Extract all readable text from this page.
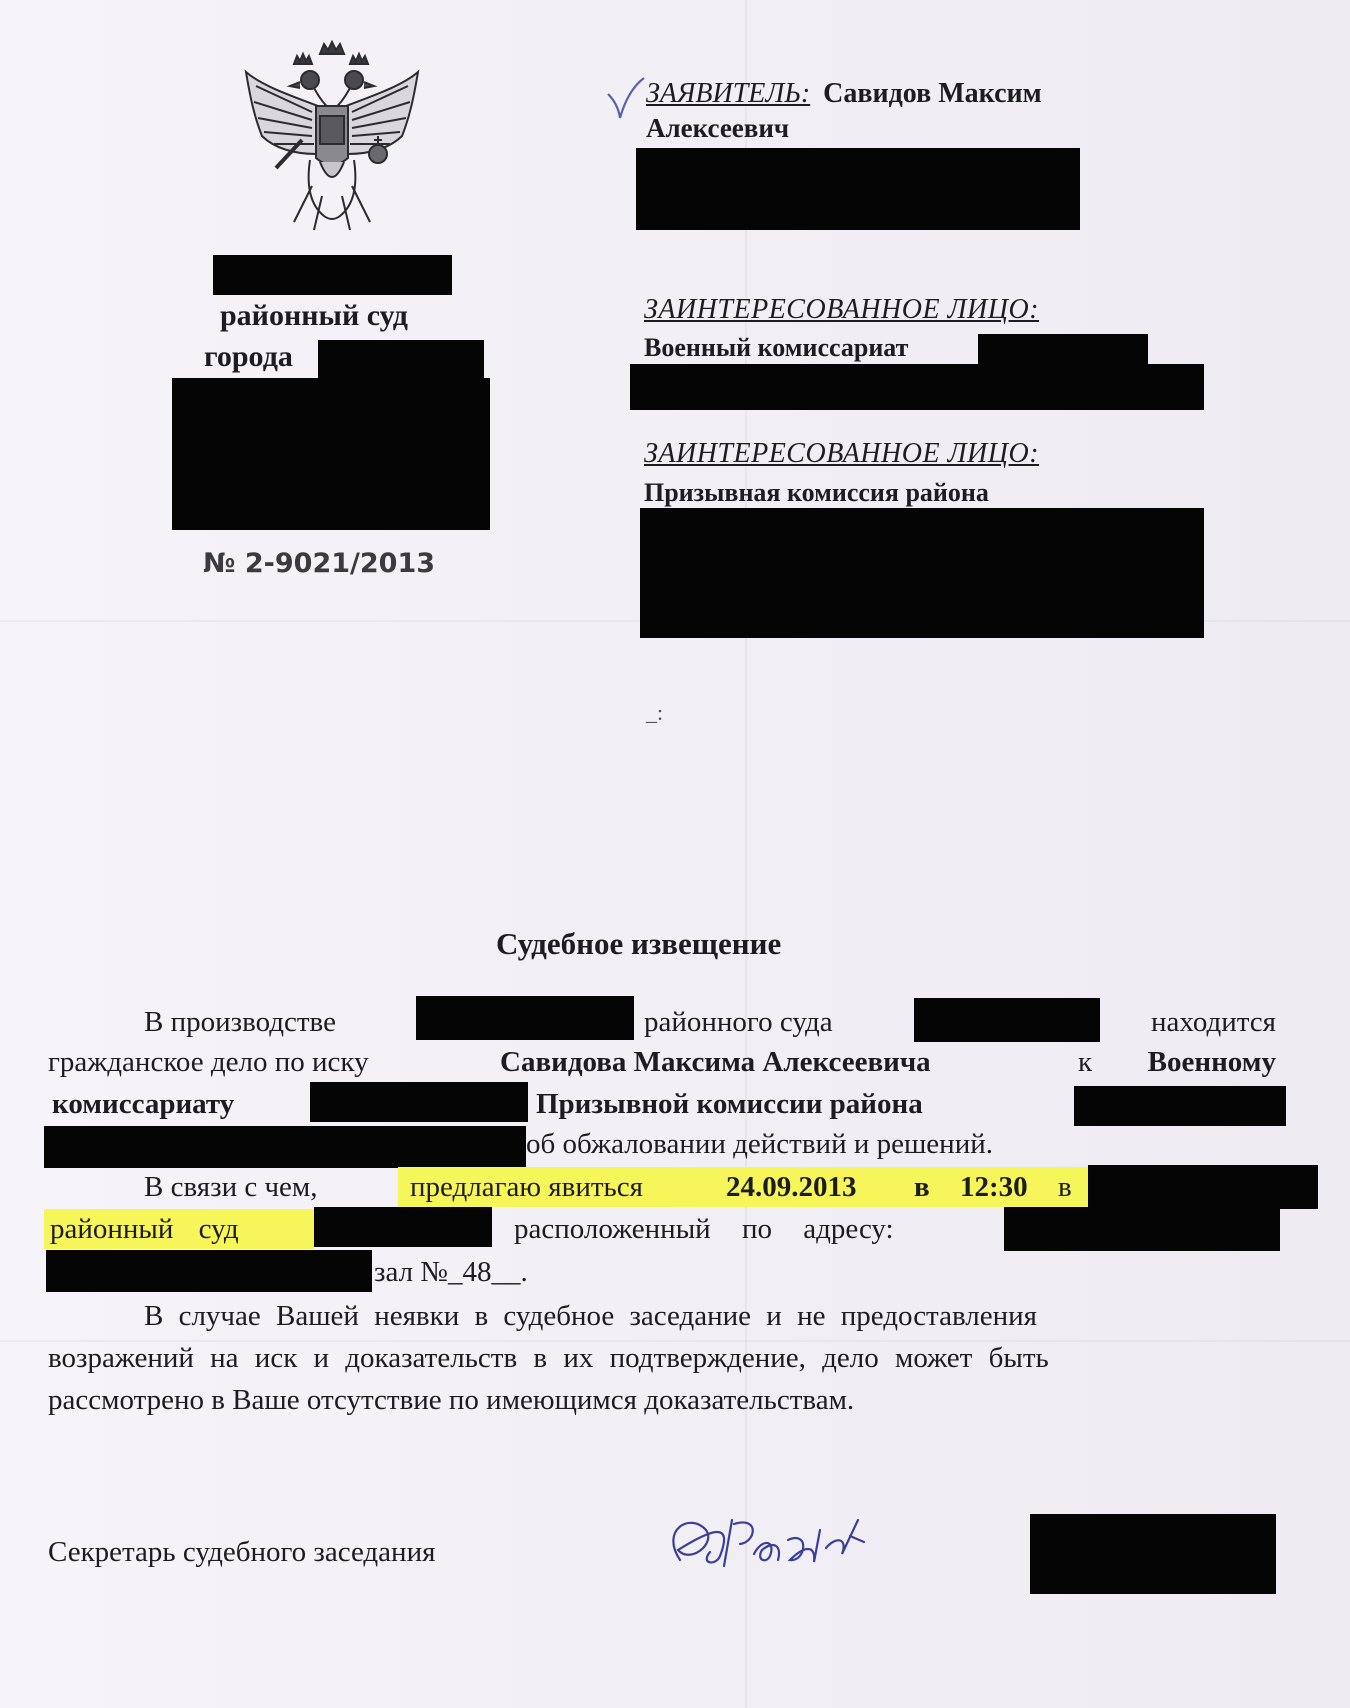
районный суд
города
№ 2-9021/2013
ЗАЯВИТЕЛЬ: Савидов Максим
Алексеевич
ЗАИНТЕРЕСОВАННОЕ ЛИЦО:
Военный комиссариат
ЗАИНТЕРЕСОВАННОЕ ЛИЦО:
Призывная комиссия района
_:
Судебное извещение
В производстве	районного суда	находится
гражданское дело по иску	Савидова Максима Алексеевича	к Военному
комиссариату	Призывной комиссии района
об обжаловании действий и решений.
В связи с чем,	предлагаю явиться	24.09.2013 в 12:30 в
районный суд	расположенный по адресу:
зал №_48__.
В случае Вашей неявки в судебное заседание и не предоставления
возражений на иск и доказательств в их подтверждение, дело может быть
рассмотрено в Ваше отсутствие по имеющимся доказательствам.
Секретарь судебного заседания
